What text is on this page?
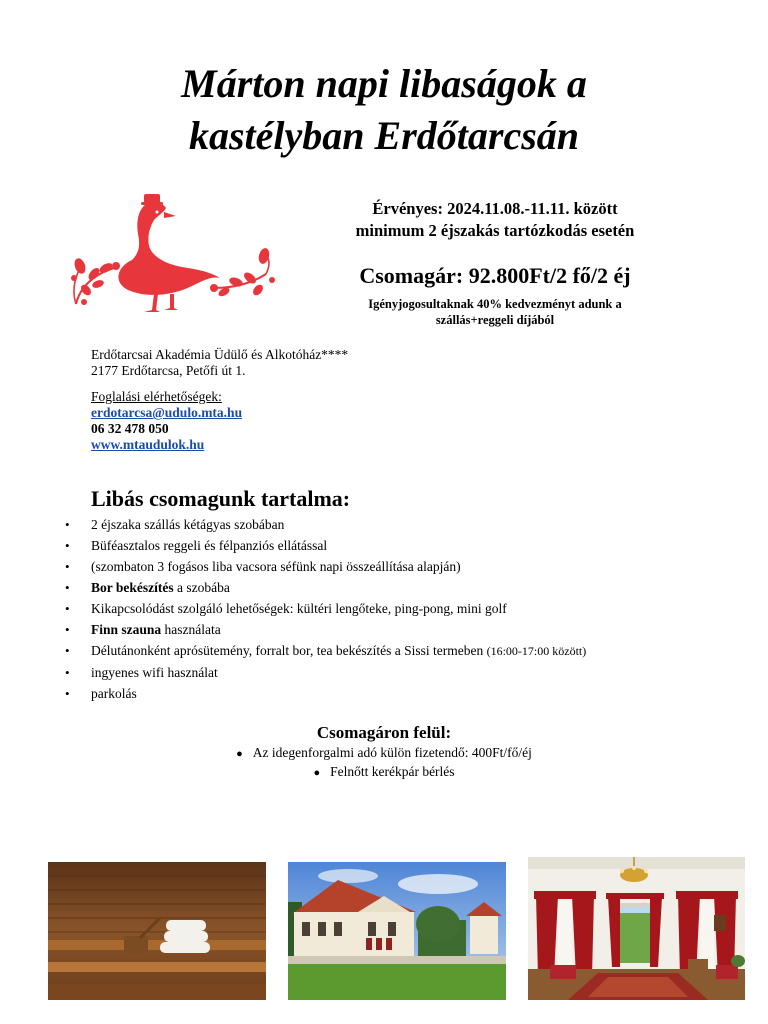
Márton napi libaságok a
kastélyban Erdőtarcsán
Érvényes: 2024.11.08.-11.11. között
minimum 2 éjszakás tartózkodás esetén
Csomagár: 92.800Ft/2 fő/2 éj
Igényjogosultaknak 40% kedvezményt adunk a
szállás+reggeli díjából
Erdőtarcsai Akadémia Üdülő és Alkotóház****
2177 Erdőtarcsa, Petőfi út 1.
Foglalási elérhetőségek:
erdotarcsa@udulo.mta.hu
06 32 478 050
www.mtaudulok.hu
Libás csomagunk tartalma:
• 2 éjszaka szállás kétágyas szobában
• Büféasztalos reggeli és félpanziós ellátással
• (szombaton 3 fogásos liba vacsora séfünk napi összeállítása alapján)
• Bor bekészítés a szobába
• Kikapcsolódást szolgáló lehetőségek: kültéri lengőteke, ping-pong, mini golf
• Finn szauna használata
• Délutánonként aprósütemény, forralt bor, tea bekészítés a Sissi termeben (16:00-17:00 között)
• ingyenes wifi használat
• parkolás
Csomagáron felül:
● Az idegenforgalmi adó külön fizetendő: 400Ft/fő/éj
● Felnőtt kerékpár bérlés
